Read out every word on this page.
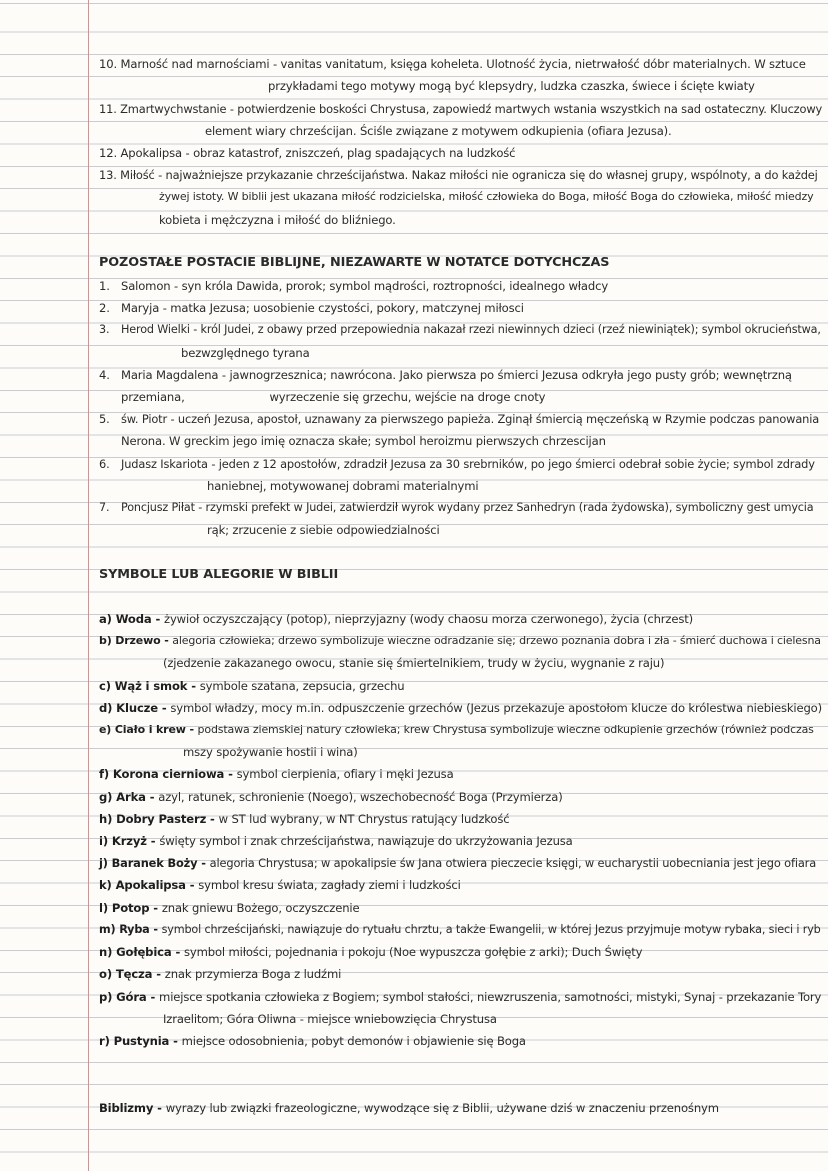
10. Marność nad marnościami - vanitas vanitatum, księga koheleta. Ulotność życia, nietrwałość dóbr materialnych. W sztuce
przykładami tego motywy mogą być klepsydry, ludzka czaszka, świece i ścięte kwiaty
11. Zmartwychwstanie - potwierdzenie boskości Chrystusa, zapowiedź martwych wstania wszystkich na sad ostateczny. Kluczowy
element wiary chrześcijan. Ściśle związane z motywem odkupienia (ofiara Jezusa).
12. Apokalipsa - obraz katastrof, zniszczeń, plag spadających na ludzkość
13. Miłość - najważniejsze przykazanie chrześcijaństwa. Nakaz miłości nie ogranicza się do własnej grupy, wspólnoty, a do każdej
żywej istoty. W biblii jest ukazana miłość rodzicielska, miłość człowieka do Boga, miłość Boga do człowieka, miłość miedzy
kobieta i mężczyzna i miłość do bliźniego.
POZOSTAŁE POSTACIE BIBLIJNE, NIEZAWARTE W NOTATCE DOTYCHCZAS
1. Salomon - syn króla Dawida, prorok; symbol mądrości, roztropności, idealnego władcy
2. Maryja - matka Jezusa; uosobienie czystości, pokory, matczynej miłosci
3. Herod Wielki - król Judei, z obawy przed przepowiednia nakazał rzezi niewinnych dzieci (rzeź niewiniątek); symbol okrucieństwa,
bezwzględnego tyrana
4. Maria Magdalena - jawnogrzesznica; nawrócona. Jako pierwsza po śmierci Jezusa odkryła jego pusty grób; wewnętrzną
przemiana,                        wyrzeczenie się grzechu, wejście na droge cnoty
5. św. Piotr - uczeń Jezusa, apostoł, uznawany za pierwszego papieża. Zginął śmiercią męczeńską w Rzymie podczas panowania
Nerona. W greckim jego imię oznacza skałe; symbol heroizmu pierwszych chrzescijan
6. Judasz Iskariota - jeden z 12 apostołów, zdradził Jezusa za 30 srebrników, po jego śmierci odebrał sobie życie; symbol zdrady
haniebnej, motywowanej dobrami materialnymi
7. Poncjusz Piłat - rzymski prefekt w Judei, zatwierdził wyrok wydany przez Sanhedryn (rada żydowska), symboliczny gest umycia
rąk; zrzucenie z siebie odpowiedzialności
SYMBOLE LUB ALEGORIE W BIBLII
a) Woda - żywioł oczyszczający (potop), nieprzyjazny (wody chaosu morza czerwonego), życia (chrzest)
b) Drzewo - alegoria człowieka; drzewo symbolizuje wieczne odradzanie się; drzewo poznania dobra i zła - śmierć duchowa i cielesna
(zjedzenie zakazanego owocu, stanie się śmiertelnikiem, trudy w życiu, wygnanie z raju)
c) Wąż i smok - symbole szatana, zepsucia, grzechu
d) Klucze - symbol władzy, mocy m.in. odpuszczenie grzechów (Jezus przekazuje apostołom klucze do królestwa niebieskiego)
e) Ciało i krew - podstawa ziemskiej natury człowieka; krew Chrystusa symbolizuje wieczne odkupienie grzechów (również podczas
mszy spożywanie hostii i wina)
f) Korona cierniowa - symbol cierpienia, ofiary i męki Jezusa
g) Arka - azyl, ratunek, schronienie (Noego), wszechobecność Boga (Przymierza)
h) Dobry Pasterz - w ST lud wybrany, w NT Chrystus ratujący ludzkość
i) Krzyż - święty symbol i znak chrześcijaństwa, nawiązuje do ukrzyżowania Jezusa
j) Baranek Boży - alegoria Chrystusa; w apokalipsie św Jana otwiera pieczecie księgi, w eucharystii uobecniania jest jego ofiara
k) Apokalipsa - symbol kresu świata, zagłady ziemi i ludzkości
l) Potop - znak gniewu Bożego, oczyszczenie
m) Ryba - symbol chrześcijański, nawiązuje do rytuału chrztu, a także Ewangelii, w której Jezus przyjmuje motyw rybaka, sieci i ryb
n) Gołębica - symbol miłości, pojednania i pokoju (Noe wypuszcza gołębie z arki); Duch Święty
o) Tęcza - znak przymierza Boga z ludźmi
p) Góra - miejsce spotkania człowieka z Bogiem; symbol stałości, niewzruszenia, samotności, mistyki, Synaj - przekazanie Tory
Izraelitom; Góra Oliwna - miejsce wniebowzięcia Chrystusa
r) Pustynia - miejsce odosobnienia, pobyt demonów i objawienie się Boga
Biblizmy - wyrazy lub związki frazeologiczne, wywodzące się z Biblii, używane dziś w znaczeniu przenośnym
